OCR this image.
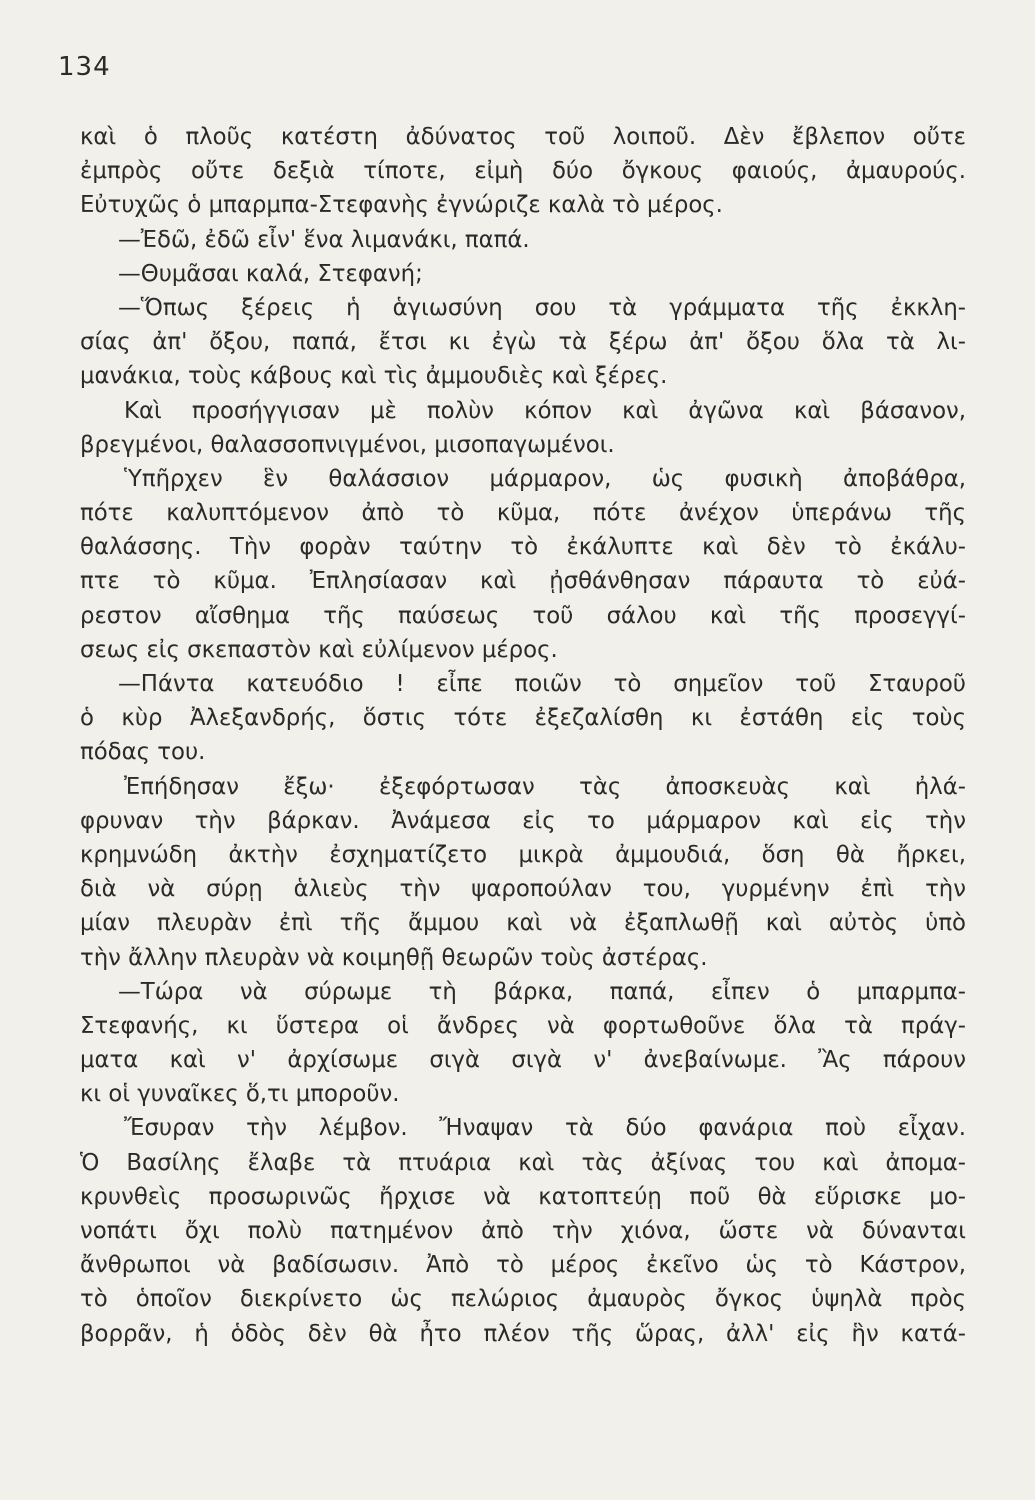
134
καὶ ὁ πλοῦς κατέστη ἀδύνατος τοῦ λοιποῦ. Δὲν ἔβλεπον οὔτε
ἐμπρὸς οὔτε δεξιὰ τίποτε, εἰμὴ δύο ὄγκους φαιούς, ἀμαυρούς.
Εὐτυχῶς ὁ μπαρμπα-Στεφανὴς ἐγνώριζε καλὰ τὸ μέρος.
—Ἐδῶ, ἐδῶ εἶν' ἕνα λιμανάκι, παπά.
—Θυμᾶσαι καλά, Στεφανή;
—Ὅπως ξέρεις ἡ ἁγιωσύνη σου τὰ γράμματα τῆς ἐκκλη-
σίας ἀπ' ὄξου, παπά, ἔτσι κι ἐγὼ τὰ ξέρω ἀπ' ὄξου ὅλα τὰ λι-
μανάκια, τοὺς κάβους καὶ τὶς ἀμμουδιὲς καὶ ξέρες.
Καὶ προσήγγισαν μὲ πολὺν κόπον καὶ ἀγῶνα καὶ βάσανον,
βρεγμένοι, θαλασσοπνιγμένοι, μισοπαγωμένοι.
Ὑπῆρχεν ἓν θαλάσσιον μάρμαρον, ὡς φυσικὴ ἀποβάθρα,
πότε καλυπτόμενον ἀπὸ τὸ κῦμα, πότε ἀνέχον ὑπεράνω τῆς
θαλάσσης. Τὴν φορὰν ταύτην τὸ ἐκάλυπτε καὶ δὲν τὸ ἐκάλυ-
πτε τὸ κῦμα. Ἐπλησίασαν καὶ ᾐσθάνθησαν πάραυτα τὸ εὐά-
ρεστον αἴσθημα τῆς παύσεως τοῦ σάλου καὶ τῆς προσεγγί-
σεως εἰς σκεπαστὸν καὶ εὐλίμενον μέρος.
—Πάντα κατευόδιο ! εἶπε ποιῶν τὸ σημεῖον τοῦ Σταυροῦ
ὁ κὺρ Ἀλεξανδρής, ὅστις τότε ἐξεζαλίσθη κι ἐστάθη εἰς τοὺς
πόδας του.
Ἐπήδησαν ἔξω· ἐξεφόρτωσαν τὰς ἀποσκευὰς καὶ ἠλά-
φρυναν τὴν βάρκαν. Ἀνάμεσα εἰς το μάρμαρον καὶ εἰς τὴν
κρημνώδη ἀκτὴν ἐσχηματίζετο μικρὰ ἀμμουδιά, ὅση θὰ ἤρκει,
διὰ νὰ σύρῃ ἁλιεὺς τὴν ψαροπούλαν του, γυρμένην ἐπὶ τὴν
μίαν πλευρὰν ἐπὶ τῆς ἄμμου καὶ νὰ ἐξαπλωθῇ καὶ αὐτὸς ὑπὸ
τὴν ἄλλην πλευρὰν νὰ κοιμηθῇ θεωρῶν τοὺς ἀστέρας.
—Τώρα νὰ σύρωμε τὴ βάρκα, παπά, εἶπεν ὁ μπαρμπα-
Στεφανής, κι ὕστερα οἱ ἄνδρες νὰ φορτωθοῦνε ὅλα τὰ πράγ-
ματα καὶ ν' ἀρχίσωμε σιγὰ σιγὰ ν' ἀνεβαίνωμε. Ἂς πάρουν
κι οἱ γυναῖκες ὅ,τι μποροῦν.
Ἔσυραν τὴν λέμβον. Ἤναψαν τὰ δύο φανάρια ποὺ εἶχαν.
Ὁ Βασίλης ἔλαβε τὰ πτυάρια καὶ τὰς ἀξίνας του καὶ ἀπομα-
κρυνθεὶς προσωρινῶς ἤρχισε νὰ κατοπτεύῃ ποῦ θὰ εὕρισκε μο-
νοπάτι ὄχι πολὺ πατημένον ἀπὸ τὴν χιόνα, ὥστε νὰ δύνανται
ἄνθρωποι νὰ βαδίσωσιν. Ἀπὸ τὸ μέρος ἐκεῖνο ὡς τὸ Κάστρον,
τὸ ὁποῖον διεκρίνετο ὡς πελώριος ἀμαυρὸς ὄγκος ὑψηλὰ πρὸς
βορρᾶν, ἡ ὁδὸς δὲν θὰ ἦτο πλέον τῆς ὥρας, ἀλλ' εἰς ἣν κατά-
